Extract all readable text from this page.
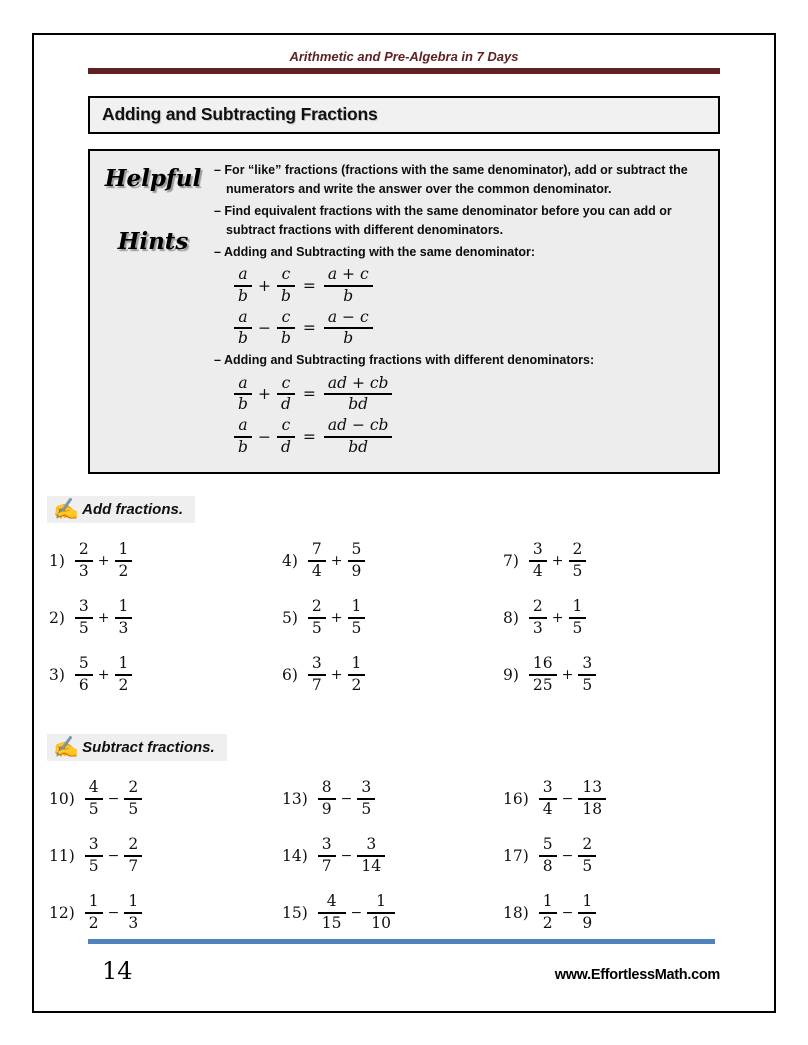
Arithmetic and Pre-Algebra in 7 Days
Adding and Subtracting Fractions
Helpful
Hints
– For “like” fractions (fractions with the same denominator), add or subtract the numerators and write the answer over the common denominator.
– Find equivalent fractions with the same denominator before you can add or subtract fractions with different denominators.
– Adding and Subtracting with the same denominator:
$\frac{a}{b} + \frac{c}{b} = \frac{a + c}{b}$
$\frac{a}{b} - \frac{c}{b} = \frac{a - c}{b}$
– Adding and Subtracting fractions with different denominators:
$\frac{a}{b} + \frac{c}{d} = \frac{ad + cb}{bd}$
$\frac{a}{b} - \frac{c}{d} = \frac{ad - cb}{bd}$
✍ Add fractions.
$1) \frac{2}{3} + \frac{1}{2}$
$2) \frac{3}{5} + \frac{1}{3}$
$3) \frac{5}{6} + \frac{1}{2}$
$4) \frac{7}{4} + \frac{5}{9}$
$5) \frac{2}{5} + \frac{1}{5}$
$6) \frac{3}{7} + \frac{1}{2}$
$7) \frac{3}{4} + \frac{2}{5}$
$8) \frac{2}{3} + \frac{1}{5}$
$9) \frac{16}{25} + \frac{3}{5}$
✍ Subtract fractions.
$10) \frac{4}{5} - \frac{2}{5}$
$11) \frac{3}{5} - \frac{2}{7}$
$12) \frac{1}{2} - \frac{1}{3}$
$13) \frac{8}{9} - \frac{3}{5}$
$14) \frac{3}{7} - \frac{3}{14}$
$15) \frac{4}{15} - \frac{1}{10}$
$16) \frac{3}{4} - \frac{13}{18}$
$17) \frac{5}{8} - \frac{2}{5}$
$18) \frac{1}{2} - \frac{1}{9}$
14	www.EffortlessMath.com
